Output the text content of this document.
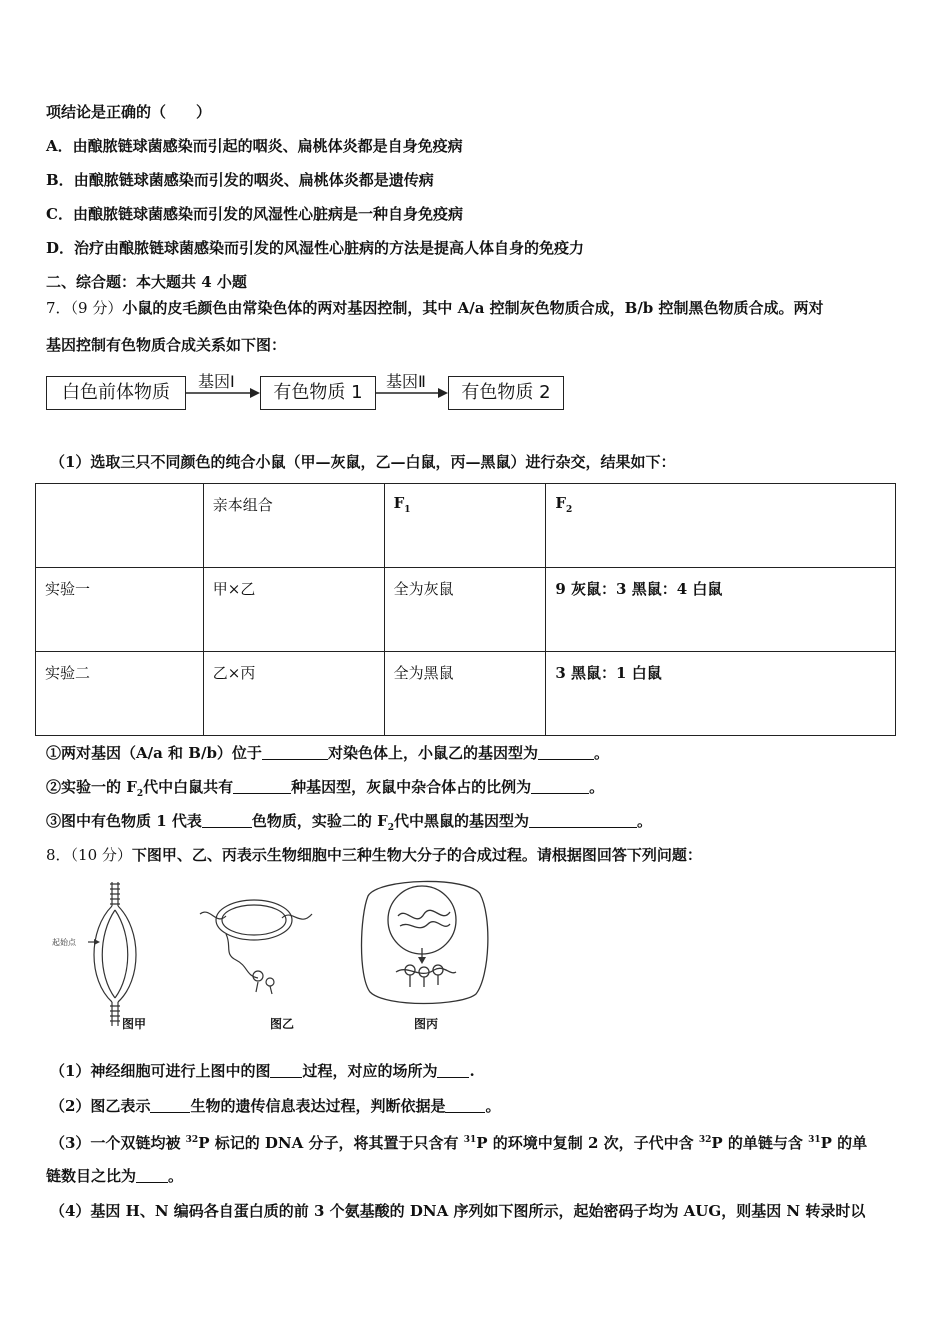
项结论是正确的（　　）
A．由酿脓链球菌感染而引起的咽炎、扁桃体炎都是自身免疫病
B．由酿脓链球菌感染而引发的咽炎、扁桃体炎都是遗传病
C．由酿脓链球菌感染而引发的风湿性心脏病是一种自身免疫病
D．治疗由酿脓链球菌感染而引发的风湿性心脏病的方法是提高人体自身的免疫力
二、综合题：本大题共 4 小题
7．（9 分）小鼠的皮毛颜色由常染色体的两对基因控制，其中 A/a 控制灰色物质合成，B/b 控制黑色物质合成。两对
基因控制有色物质合成关系如下图：
白色前体物质
基因Ⅰ
有色物质 1
基因Ⅱ
有色物质 2
（1）选取三只不同颜色的纯合小鼠（甲—灰鼠，乙—白鼠，丙—黑鼠）进行杂交，结果如下：
	亲本组合	$F_1$	$F_2$
实验一	甲×乙	全为灰鼠	9 灰鼠：3 黑鼠：4 白鼠
实验二	乙×丙	全为黑鼠	3 黑鼠：1 白鼠
①两对基因（A/a 和 B/b）位于	对染色体上，小鼠乙的基因型为	。
②实验一的 $F_2$代中白鼠共有	种基因型，灰鼠中杂合体占的比例为	。
③图中有色物质 1 代表	色物质，实验二的 $F_2$代中黑鼠的基因型为	。
8．（10 分）下图甲、乙、丙表示生物细胞中三种生物大分子的合成过程。请根据图回答下列问题：
起始点
图甲	图乙	图丙
（1）神经细胞可进行上图中的图 过程，对应的场所为 .
（2）图乙表示	生物的遗传信息表达过程，判断依据是	。
（3）一个双链均被 $^{32}$P 标记的 DNA 分子，将其置于只含有 $^{31}$P 的环境中复制 2 次，子代中含 $^{32}$P 的单链与含 $^{31}$P 的单
链数目之比为 。
（4）基因 H、N 编码各自蛋白质的前 3 个氨基酸的 DNA 序列如下图所示，起始密码子均为 AUG，则基因 N 转录时以
